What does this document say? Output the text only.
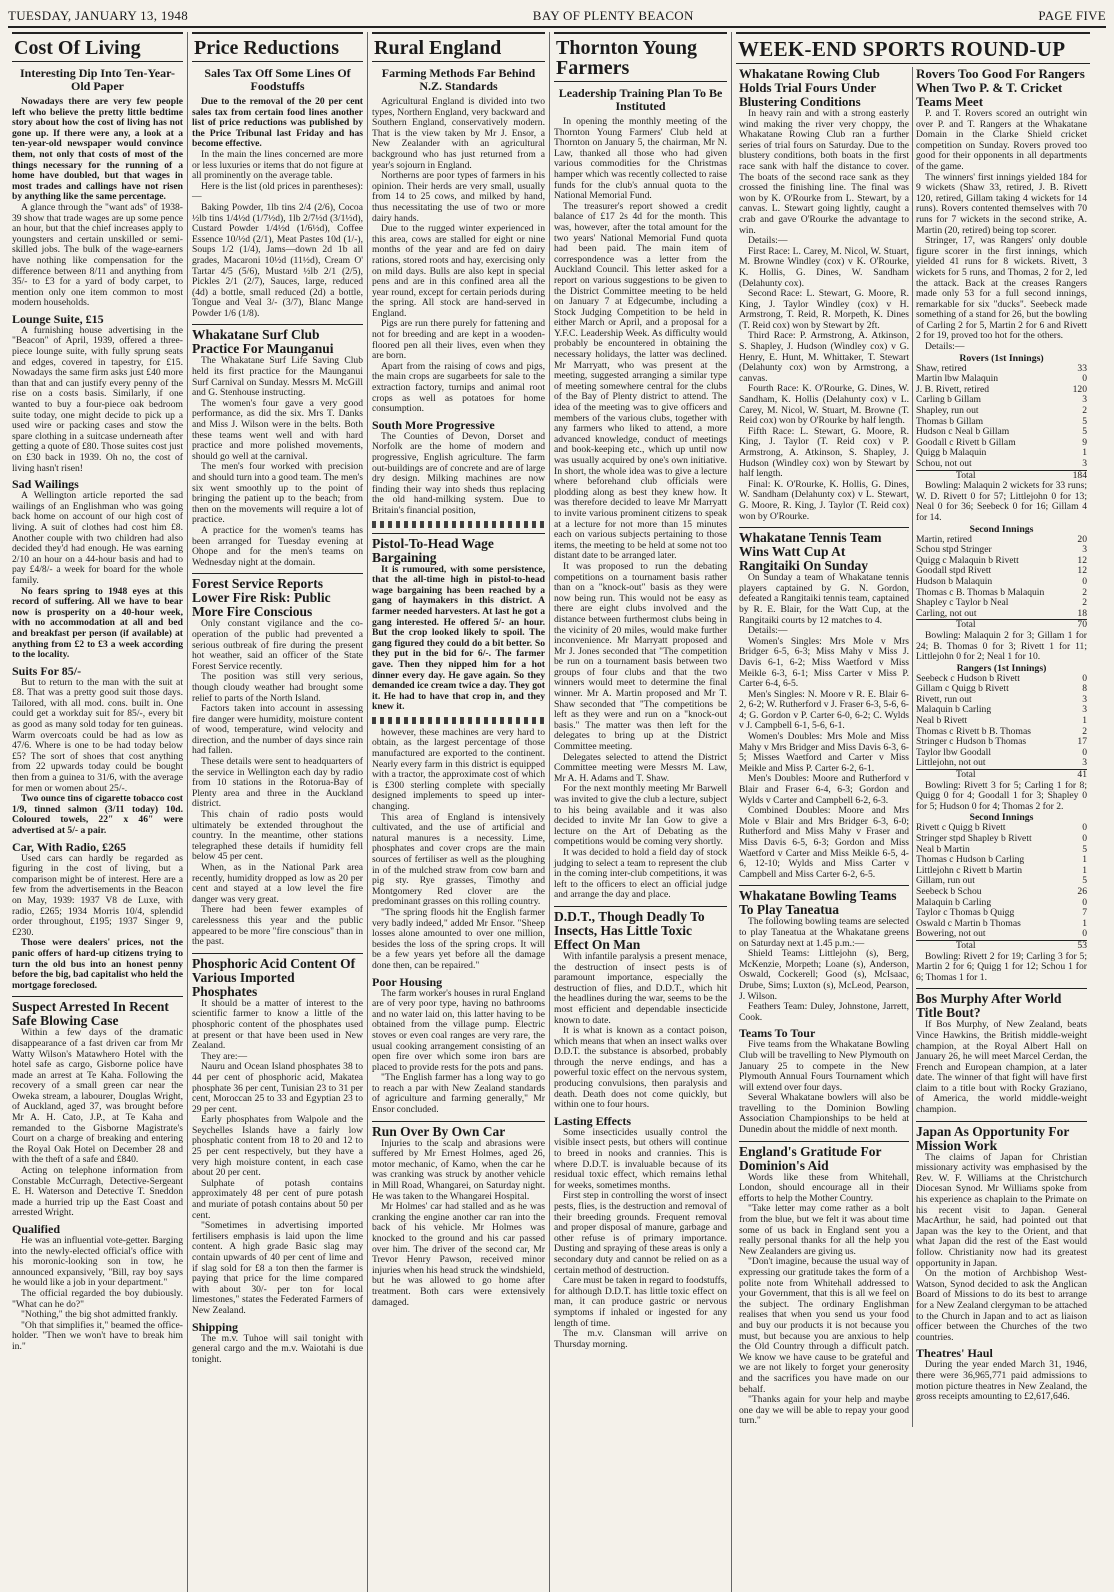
TUESDAY, JANUARY 13, 1948	BAY OF PLENTY BEACON	PAGE FIVE
Cost Of Living
Interesting Dip Into Ten-Year-Old Paper

Nowadays there are very few people left who believe the pretty little bedtime story about how the cost of living has not gone up. If there were any, a look at a ten-year-old newspaper would convince them, not only that costs of most of the things necessary for the running of a home have doubled, but that wages in most trades and callings have not risen by anything like the same percentage.

A glance through the "want ads" of 1938-39 show that trade wages are up some pence an hour, but that the chief increases apply to youngsters and certain unskilled or semi-skilled jobs. The bulk of the wage-earners have nothing like compensation for the difference between 8/11 and anything from 35/- to £3 for a yard of body carpet, to mention only one item common to most modern households.

Lounge Suite, £15

A furnishing house advertising in the "Beacon" of April, 1939, offered a three-piece lounge suite, with fully sprung seats and edges, covered in tapestry, for £15. Nowadays the same firm asks just £40 more than that and can justify every penny of the rise on a costs basis. Similarly, if one wanted to buy a four-piece oak bedroom suite today, one might decide to pick up a used wire or packing cases and stow the spare clothing in a suitcase underneath after getting a quote of £80. Those suites cost just on £30 back in 1939. Oh no, the cost of living hasn't risen!

Sad Wailings

A Wellington article reported the sad wailings of an Englishman who was going back home on account of our high cost of living. A suit of clothes had cost him £8. Another couple with two children had also decided they'd had enough. He was earning 2/10 an hour on a 44-hour basis and had to pay £4/8/- a week for board for the whole family.

No fears spring to 1948 eyes at this record of suffering. All we have to bear now is prosperity on a 40-hour week, with no accommodation at all and bed and breakfast per person (if available) at anything from £2 to £3 a week according to the locality.

Suits For 85/-

But to return to the man with the suit at £8. That was a pretty good suit those days. Tailored, with all mod. cons. built in. One could get a workday suit for 85/-, every bit as good as many sold today for ten guineas. Warm overcoats could be had as low as 47/6. Where is one to be had today below £5? The sort of shoes that cost anything from 22 upwards today could be bought then from a guinea to 31/6, with the average for men or women about 25/-.

Two ounce tins of cigarette tobacco cost 1/9, tinned salmon (3/11 today) 10d. Coloured towels, 22" x 46" were advertised at 5/- a pair.

Car, With Radio, £265

Used cars can hardly be regarded as figuring in the cost of living, but a comparison might be of interest. Here are a few from the advertisements in the Beacon on May, 1939: 1937 V8 de Luxe, with radio, £265; 1934 Morris 10/4, splendid order throughout, £195; 1937 Singer 9, £230.

Those were dealers' prices, not the panic offers of hard-up citizens trying to turn the old bus into an honest penny before the big, bad capitalist who held the mortgage foreclosed.

Suspect Arrested In Recent Safe Blowing Case

Within a few days of the dramatic disappearance of a fast driven car from Mr Watty Wilson's Matawhero Hotel with the hotel safe as cargo, Gisborne police have made an arrest at Te Kaha. Following the recovery of a small green car near the Oweka stream, a labourer, Douglas Wright, of Auckland, aged 37, was brought before Mr A. H. Cato, J.P., at Te Kaha and remanded to the Gisborne Magistrate's Court on a charge of breaking and entering the Royal Oak Hotel on December 28 and with the theft of a safe and £840.

Acting on telephone information from Constable McCurragh, Detective-Sergeant E. H. Waterson and Detective T. Sneddon made a hurried trip up the East Coast and arrested Wright.

Qualified

He was an influential vote-getter. Barging into the newly-elected official's office with his moronic-looking son in tow, he announced expansively, "Bill, ray boy says he would like a job in your department."

The official regarded the boy dubiously. "What can he do?"

"Nothing," the big shot admitted frankly.

"Oh that simplifies it," beamed the office-holder. "Then we won't have to break him in."

Price Reductions
Sales Tax Off Some Lines Of Foodstuffs

Due to the removal of the 20 per cent sales tax from certain food lines another list of price reductions was published by the Price Tribunal last Friday and has become effective.

In the main the lines concerned are more or less luxuries or items that do not figure at all prominently on the average table.

Here is the list (old prices in parentheses):—

Baking Powder, 1lb tins 2/4 (2/6), Cocoa ½lb tins 1/4½d (1/7½d), 1lb 2/7½d (3/1½d), Custard Powder 1/4½d (1/6½d), Coffee Essence 10/½d (2/1), Meat Pastes 10d (1/-), Soups 1/2 (1/4), Jams—down 2d 1b all grades, Macaroni 10½d (11½d), Cream O' Tartar 4/5 (5/6), Mustard ½lb 2/1 (2/5), Pickles 2/1 (2/7), Sauces, large, reduced (4d) a bottle, small reduced (2d) a bottle, Tongue and Veal 3/- (3/7), Blanc Mange Powder 1/6 (1/8).

Whakatane Surf Club Practice For Maunganui

The Whakatane Surf Life Saving Club held its first practice for the Maunganui Surf Carnival on Sunday. Messrs M. McGill and G. Stenhouse instructing.

The women's four gave a very good performance, as did the six. Mrs T. Danks and Miss J. Wilson were in the belts. Both these teams went well and with hard practice and more polished movements, should go well at the carnival.

The men's four worked with precision and should turn into a good team. The men's six went smoothly up to the point of bringing the patient up to the beach; from then on the movements will require a lot of practice.

A practice for the women's teams has been arranged for Tuesday evening at Ohope and for the men's teams on Wednesday night at the domain.

Forest Service Reports Lower Fire Risk: Public More Fire Conscious

Only constant vigilance and the co-operation of the public had prevented a serious outbreak of fire during the present hot weather, said an officer of the State Forest Service recently.

The position was still very serious, though cloudy weather had brought some relief to parts of the North Island.

Factors taken into account in assessing fire danger were humidity, moisture content of wood, temperature, wind velocity and direction, and the number of days since rain had fallen.

These details were sent to headquarters of the service in Wellington each day by radio from 10 stations in the Rotorua-Bay of Plenty area and three in the Auckland district.

This chain of radio posts would ultimately be extended throughout the country. In the meantime, other stations telegraphed these details if humidity fell below 45 per cent.

When, as in the National Park area recently, humidity dropped as low as 20 per cent and stayed at a low level the fire danger was very great.

There had been fewer examples of carelessness this year and the public appeared to be more "fire conscious" than in the past.

Phosphoric Acid Content Of Various Imported Phosphates

It should be a matter of interest to the scientific farmer to know a little of the phosphoric content of the phosphates used at present or that have been used in New Zealand.

They are:—

Nauru and Ocean Island phosphates 38 to 44 per cent of phosphoric acid, Makatea phosphate 36 per cent, Tunisian 23 to 31 per cent, Moroccan 25 to 33 and Egyptian 23 to 29 per cent.

Early phosphates from Walpole and the Seychelles Islands have a fairly low phosphatic content from 18 to 20 and 12 to 25 per cent respectively, but they have a very high moisture content, in each case about 20 per cent.

Sulphate of potash contains approximately 48 per cent of pure potash and muriate of potash contains about 50 per cent.

"Sometimes in advertising imported fertilisers emphasis is laid upon the lime content. A high grade Basic slag may contain upwards of 40 per cent of lime and if slag sold for £8 a ton then the farmer is paying that price for the lime compared with about 30/- per ton for local limestones," states the Federated Farmers of New Zealand.

Shipping

The m.v. Tuhoe will sail tonight with general cargo and the m.v. Waiotahi is due tonight.

Rural England
Farming Methods Far Behind N.Z. Standards

Agricultural England is divided into two types, Northern England, very backward and Southern England, conservatively modern. That is the view taken by Mr J. Ensor, a New Zealander with an agricultural background who has just returned from a year's sojourn in England.

Northerns are poor types of farmers in his opinion. Their herds are very small, usually from 14 to 25 cows, and milked by hand, thus necessitating the use of two or more dairy hands.

Due to the rugged winter experienced in this area, cows are stalled for eight or nine months of the year and are fed on dairy rations, stored roots and hay, exercising only on mild days. Bulls are also kept in special pens and are in this confined area all the year round, except for certain periods during the spring. All stock are hand-served in England.

Pigs are run there purely for fattening and not for breeding and are kept in a wooden-floored pen all their lives, even when they are born.

Apart from the raising of cows and pigs, the main crops are sugarbeets for sale to the extraction factory, turnips and animal root crops as well as potatoes for home consumption.

South More Progressive

The Counties of Devon, Dorset and Norfolk are the home of modern and progressive, English agriculture. The farm out-buildings are of concrete and are of large dry design. Milking machines are now finding their way into sheds thus replacing the old hand-milking system. Due to Britain's financial position,

Pistol-To-Head Wage Bargaining

It is rumoured, with some persistence, that the all-time high in pistol-to-head wage bargaining has been reached by a gang of haymakers in this district. A farmer needed harvesters. At last he got a gang interested. He offered 5/- an hour. But the crop looked likely to spoil. The gang figured they could do a bit better. So they put in the bid for 6/-. The farmer gave. Then they nipped him for a hot dinner every day. He gave again. So they demanded ice cream twice a day. They got it. He had to have that crop in, and they knew it.

however, these machines are very hard to obtain, as the largest percentage of those manufactured are exported to the continent. Nearly every farm in this district is equipped with a tractor, the approximate cost of which is £300 sterling complete with specially designed implements to speed up inter-changing.

This area of England is intensively cultivated, and the use of artificial and natural manures is a necessity. Lime, phosphates and cover crops are the main sources of fertiliser as well as the ploughing in of the mulched straw from cow barn and pig sty. Rye grasses, Timothy and Montgomery Red clover are the predominant grasses on this rolling country.

"The spring floods hit the English farmer very badly indeed," added Mr Ensor. "Sheep losses alone amounted to over one million, besides the loss of the spring crops. It will be a few years yet before all the damage done then, can be repaired."

Poor Housing

The farm worker's houses in rural England are of very poor type, having no bathrooms and no water laid on, this latter having to be obtained from the village pump. Electric stoves or even coal ranges are very rare, the usual cooking arrangement consisting of an open fire over which some iron bars are placed to provide rests for the pots and pans.

"The English farmer has a long way to go to reach a par with New Zealand standards of agriculture and farming generally," Mr Ensor concluded.

Run Over By Own Car

Injuries to the scalp and abrasions were suffered by Mr Ernest Holmes, aged 26, motor mechanic, of Kamo, when the car he was cranking was struck by another vehicle in Mill Road, Whangarei, on Saturday night. He was taken to the Whangarei Hospital.

Mr Holmes' car had stalled and as he was cranking the engine another car ran into the back of his vehicle. Mr Holmes was knocked to the ground and his car passed over him. The driver of the second car, Mr Trevor Henry Pawson, received minor injuries when his head struck the windshield, but he was allowed to go home after treatment. Both cars were extensively damaged.

Thornton Young Farmers
Leadership Training Plan To Be Instituted

In opening the monthly meeting of the Thornton Young Farmers' Club held at Thornton on January 5, the chairman, Mr N. Law, thanked all those who had given various commodities for the Christmas hamper which was recently collected to raise funds for the club's annual quota to the National Memorial Fund.

The treasurer's report showed a credit balance of £17 2s 4d for the month. This was, however, after the total amount for the two years' National Memorial Fund quota had been paid. The main item of correspondence was a letter from the Auckland Council. This letter asked for a report on various suggestions to be given to the District Committee meeting to be held on January 7 at Edgecumbe, including a Stock Judging Competition to be held in either March or April, and a proposal for a Y.F.C. Leadership Week. As difficulty would probably be encountered in obtaining the necessary holidays, the latter was declined. Mr Marryatt, who was present at the meeting, suggested arranging a similar type of meeting somewhere central for the clubs of the Bay of Plenty district to attend. The idea of the meeting was to give officers and members of the various clubs, together with any farmers who liked to attend, a more advanced knowledge, conduct of meetings and book-keeping etc., which up until now was usually acquired by one's own initiative. In short, the whole idea was to give a lecture where beforehand club officials were plodding along as best they knew how. It was therefore decided to leave Mr Marryatt to invite various prominent citizens to speak at a lecture for not more than 15 minutes each on various subjects pertaining to those items, the meeting to be held at some not too distant date to be arranged later.

It was proposed to run the debating competitions on a tournament basis rather than on a "knock-out" basis as they were now being run. This would not be easy as there are eight clubs involved and the distance between furthermost clubs being in the vicinity of 20 miles, would make further inconvenience. Mr Marryatt proposed and Mr J. Jones seconded that "The competition be run on a tournament basis between two groups of four clubs and that the two winners would meet to determine the final winner. Mr A. Martin proposed and Mr T. Shaw seconded that "The competitions be left as they were and run on a "knock-out basis." The matter was then left for the delegates to bring up at the District Committee meeting.

Delegates selected to attend the District Committee meeting were Messrs M. Law, Mr A. H. Adams and T. Shaw.

For the next monthly meeting Mr Barwell was invited to give the club a lecture, subject to his being available and it was also decided to invite Mr Ian Gow to give a lecture on the Art of Debating as the competitions would be coming very shortly.

It was decided to hold a field day of stock judging to select a team to represent the club in the coming inter-club competitions, it was left to the officers to elect an official judge and arrange the day and place.

D.D.T., Though Deadly To Insects, Has Little Toxic Effect On Man

With infantile paralysis a present menace, the destruction of insect pests is of paramount importance, especially the destruction of flies, and D.D.T., which hit the headlines during the war, seems to be the most efficient and dependable insecticide known to date.

It is what is known as a contact poison, which means that when an insect walks over D.D.T. the substance is absorbed, probably through the nerve endings, and has a powerful toxic effect on the nervous system, producing convulsions, then paralysis and death. Death does not come quickly, but within one to four hours.

Lasting Effects

Some insecticides usually control the visible insect pests, but others will continue to breed in nooks and crannies. This is where D.D.T. is invaluable because of its residual toxic effect, which remains lethal for weeks, sometimes months.

First step in controlling the worst of insect pests, flies, is the destruction and removal of their breeding grounds. Frequent removal and proper disposal of manure, garbage and other refuse is of primary importance. Dusting and spraying of these areas is only a secondary duty and cannot be relied on as a certain method of destruction.

Care must be taken in regard to foodstuffs, for although D.D.T. has little toxic effect on man, it can produce gastric or nervous symptoms if inhaled or ingested for any length of time.

The m.v. Clansman will arrive on Thursday morning.

WEEK-END SPORTS ROUND-UP
Whakatane Rowing Club Holds Trial Fours Under Blustering Conditions

In heavy rain and with a strong easterly wind making the river very choppy, the Whakatane Rowing Club ran a further series of trial fours on Saturday. Due to the blustery conditions, both boats in the first race sank with half the distance to cover. The boats of the second race sank as they crossed the finishing line. The final was won by K. O'Rourke from L. Stewart, by a canvas. L. Stewart going lightly, caught a crab and gave O'Rourke the advantage to win.

Details:—

First Race: L. Carey, M. Nicol, W. Stuart, M. Browne Windley (cox) v K. O'Rourke, K. Hollis, G. Dines, W. Sandham (Delahunty cox).

Second Race: L. Stewart, G. Moore, R. King, J. Taylor Windley (cox) v H. Armstrong, T. Reid, R. Morpeth, K. Dines (T. Reid cox) won by Stewart by 2ft.

Third Race: P. Armstrong, A. Atkinson, S. Shapley, J. Hudson (Windley cox) v G. Henry, E. Hunt, M. Whittaker, T. Stewart (Delahunty cox) won by Armstrong, a canvas.

Fourth Race: K. O'Rourke, G. Dines, W. Sandham, K. Hollis (Delahunty cox) v L. Carey, M. Nicol, W. Stuart, M. Browne (T. Reid cox) won by O'Rourke by half length.

Fifth Race: L. Stewart, G. Moore, R. King, J. Taylor (T. Reid cox) v P. Armstrong, A. Atkinson, S. Shapley, J. Hudson (Windley cox) won by Stewart by half length.

Final: K. O'Rourke, K. Hollis, G. Dines, W. Sandham (Delahunty cox) v L. Stewart, G. Moore, R. King, J. Taylor (T. Reid cox) won by O'Rourke.

Whakatane Tennis Team Wins Watt Cup At Rangitaiki On Sunday

On Sunday a team of Whakatane tennis players captained by G. N. Gordon, defeated a Rangitaiki tennis team, captained by R. E. Blair, for the Watt Cup, at the Rangitaiki courts by 12 matches to 4.

Details:—

Women's Singles: Mrs Mole v Mrs Bridger 6-5, 6-3; Miss Mahy v Miss J. Davis 6-1, 6-2; Miss Waetford v Miss Meikle 6-3, 6-1; Miss Carter v Miss P. Carter 6-4, 6-5.

Men's Singles: N. Moore v R. E. Blair 6-2, 6-2; W. Rutherford v J. Fraser 6-3, 5-6, 6-4; G. Gordon v P. Carter 6-0, 6-2; C. Wylds v J. Campbell 6-1, 5-6, 6-1.

Women's Doubles: Mrs Mole and Miss Mahy v Mrs Bridger and Miss Davis 6-3, 6-5; Misses Waetford and Carter v Miss Meikle and Miss P. Carter 6-2, 6-1.

Men's Doubles: Moore and Rutherford v Blair and Fraser 6-4, 6-3; Gordon and Wylds v Carter and Campbell 6-2, 6-3.

Combined Doubles: Moore and Mrs Mole v Blair and Mrs Bridger 6-3, 6-0; Rutherford and Miss Mahy v Fraser and Miss Davis 6-5, 6-3; Gordon and Miss Waetford v Carter and Miss Meikle 6-5, 4-6, 12-10; Wylds and Miss Carter v Campbell and Miss Carter 6-2, 6-5.

Whakatane Bowling Teams To Play Taneatua

The following bowling teams are selected to play Taneatua at the Whakatane greens on Saturday next at 1.45 p.m.:—

Shield Teams: Littlejohn (s), Berg, McKenzie, Morpeth; Loane (s), Anderson, Oswald, Cockerell; Good (s), McIsaac, Drube, Sims; Luxton (s), McLeod, Pearson, J. Wilson.

Feathers Team: Duley, Johnstone, Jarrett, Cook.

Teams To Tour

Five teams from the Whakatane Bowling Club will be travelling to New Plymouth on January 25 to compete in the New Plymouth Annual Fours Tournament which will extend over four days.

Several Whakatane bowlers will also be travelling to the Dominion Bowling Association Championships to be held at Dunedin about the middle of next month.

England's Gratitude For Dominion's Aid

Words like these from Whitehall, London, should encourage all in their efforts to help the Mother Country.

"Take letter may come rather as a bolt from the blue, but we felt it was about time some of us back in England sent you a really personal thanks for all the help you New Zealanders are giving us.

"Don't imagine, because the usual way of expressing our gratitude takes the form of a polite note from Whitehall addressed to your Government, that this is all we feel on the subject. The ordinary Englishman realises that when you send us your food and buy our products it is not because you must, but because you are anxious to help the Old Country through a difficult patch. We know we have cause to be grateful and we are not likely to forget your generosity and the sacrifices you have made on our behalf.

"Thanks again for your help and maybe one day we will be able to repay your good turn."

Rovers Too Good For Rangers When Two P. & T. Cricket Teams Meet

P. and T. Rovers scored an outright win over P. and T. Rangers at the Whakatane Domain in the Clarke Shield cricket competition on Sunday. Rovers proved too good for their opponents in all departments of the game.

The winners' first innings yielded 184 for 9 wickets (Shaw 33, retired, J. B. Rivett 120, retired, Gillam taking 4 wickets for 14 runs). Rovers contented themselves with 70 runs for 7 wickets in the second strike, A. Martin (20, retired) being top scorer.

Stringer, 17, was Rangers' only double figure scorer in the first innings, which yielded 41 runs for 8 wickets. Rivett, 3 wickets for 5 runs, and Thomas, 2 for 2, led the attack. Back at the creases Rangers made only 53 for a full second innings, remarkable for six "ducks". Seebeck made something of a stand for 26, but the bowling of Carling 2 for 5, Martin 2 for 6 and Rivett 2 for 19, proved too hot for the others.

Details:—

Rovers (1st Innings)
Shaw, retired	33
Martin lbw Malaquin	0
J. B. Rivett, retired	120
Carling b Gillam	3
Shapley, run out	2
Thomas b Gillam	5
Hudson c Neal b Gillam	5
Goodall c Rivett b Gillam	9
Quigg b Malaquin	1
Schou, not out	3
Total	184

Bowling: Malaquin 2 wickets for 33 runs; W. D. Rivett 0 for 57; Littlejohn 0 for 13; Neal 0 for 36; Seebeck 0 for 16; Gillam 4 for 14.

Second Innings
Martin, retired	20
Schou stpd Stringer	3
Quigg c Malaquin b Rivett	12
Goodall stpd Rivett	12
Hudson b Malaquin	0
Thomas c B. Thomas b Malaquin	2
Shapley c Taylor b Neal	2
Carling, not out	18
Total	70

Bowling: Malaquin 2 for 3; Gillam 1 for 24; B. Thomas 0 for 3; Rivett 1 for 11; Littlejohn 0 for 2; Neal 1 for 10.

Rangers (1st Innings)
Seebeck c Hudson b Rivett	0
Gillam c Quigg b Rivett	8
Rivett, run out	3
Malaquin b Carling	3
Neal b Rivett	1
Thomas c Rivett b B. Thomas	2
Stringer c Hudson b Thomas	17
Taylor lbw Goodall	0
Littlejohn, not out	3
Total	41

Bowling: Rivett 3 for 5; Carling 1 for 8; Quigg 0 for 4; Goodall 1 for 3; Shapley 0 for 5; Hudson 0 for 4; Thomas 2 for 2.

Second Innings
Rivett c Quigg b Rivett	0
Stringer stpd Shapley b Rivett	0
Neal b Martin	5
Thomas c Hudson b Carling	1
Littlejohn c Rivett b Martin	1
Gillam, run out	5
Seebeck b Schou	26
Malaquin b Carling	0
Taylor c Thomas b Quigg	7
Oswald c Martin b Thomas	1
Bowering, not out	0
Total	53

Bowling: Rivett 2 for 19; Carling 3 for 5; Martin 2 for 6; Quigg 1 for 12; Schou 1 for 6; Thomas 1 for 1.

Bos Murphy After World Title Bout?

If Bos Murphy, of New Zealand, beats Vince Hawkins, the British middle-weight champion, at the Royal Albert Hall on January 26, he will meet Marcel Cerdan, the French and European champion, at a later date. The winner of that fight will have first claim to a title bout with Rocky Graziano, of America, the world middle-weight champion.

Japan As Opportunity For Mission Work

The claims of Japan for Christian missionary activity was emphasised by the Rev. W. F. Williams at the Christchurch Diocesan Synod. Mr Williams spoke from his experience as chaplain to the Primate on his recent visit to Japan. General MacArthur, he said, had pointed out that Japan was the key to the Orient, and that what Japan did the rest of the East would follow. Christianity now had its greatest opportunity in Japan.

On the motion of Archbishop West-Watson, Synod decided to ask the Anglican Board of Missions to do its best to arrange for a New Zealand clergyman to be attached to the Church in Japan and to act as liaison officer between the Churches of the two countries.

Theatres' Haul

During the year ended March 31, 1946, there were 36,965,771 paid admissions to motion picture theatres in New Zealand, the gross receipts amounting to £2,617,646.
